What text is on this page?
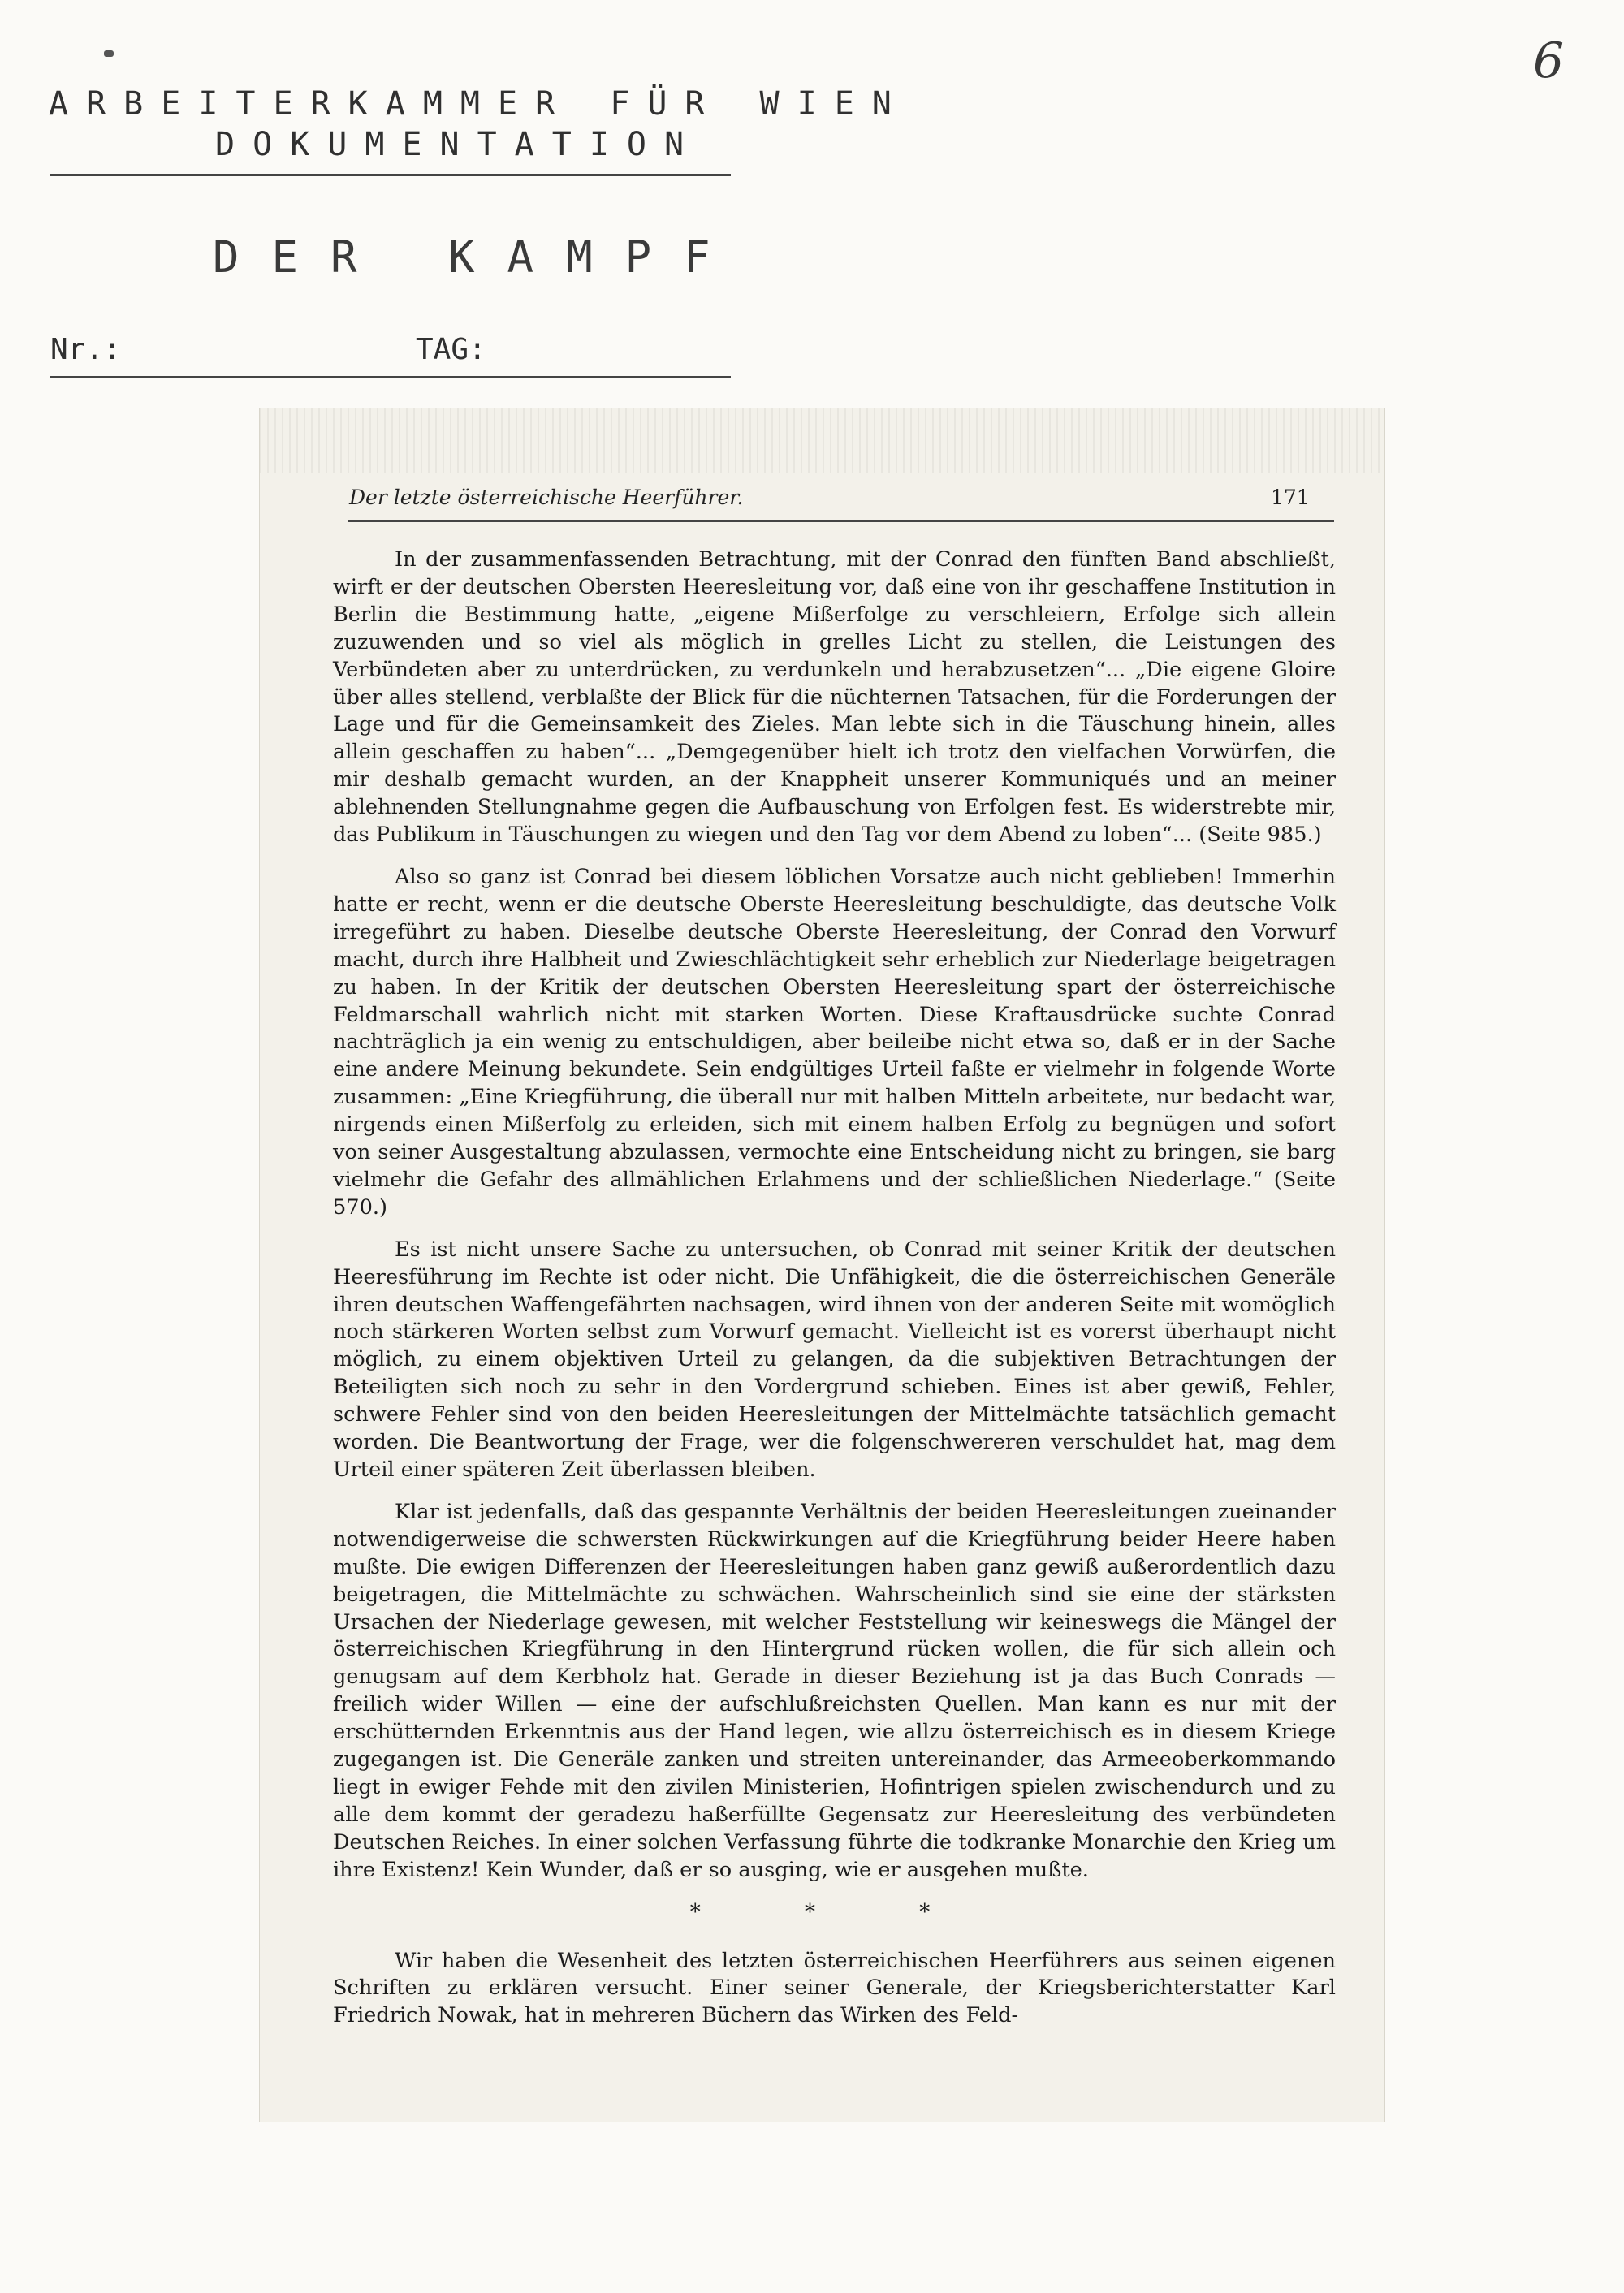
6
ARBEITERKAMMER FÜR WIEN
DOKUMENTATION
DER KAMPF
Nr.:	TAG:
Der letzte österreichische Heerführer.	171

In der zusammenfassenden Betrachtung, mit der Conrad den fünften Band abschließt, wirft er der deutschen Obersten Heeresleitung vor, daß eine von ihr geschaffene Institution in Berlin die Bestimmung hatte, „eigene Mißerfolge zu verschleiern, Erfolge sich allein zuzuwenden und so viel als möglich in grelles Licht zu stellen, die Leistungen des Verbündeten aber zu unterdrücken, zu verdunkeln und herabzusetzen“... „Die eigene Gloire über alles stellend, verblaßte der Blick für die nüchternen Tatsachen, für die Forderungen der Lage und für die Gemeinsamkeit des Zieles. Man lebte sich in die Täuschung hinein, alles allein geschaffen zu haben“... „Demgegenüber hielt ich trotz den vielfachen Vorwürfen, die mir deshalb gemacht wurden, an der Knappheit unserer Kommuniqués und an meiner ablehnenden Stellungnahme gegen die Aufbauschung von Erfolgen fest. Es widerstrebte mir, das Publikum in Täuschungen zu wiegen und den Tag vor dem Abend zu loben“... (Seite 985.)

Also so ganz ist Conrad bei diesem löblichen Vorsatze auch nicht geblieben! Immerhin hatte er recht, wenn er die deutsche Oberste Heeresleitung beschuldigte, das deutsche Volk irregeführt zu haben. Dieselbe deutsche Oberste Heeresleitung, der Conrad den Vorwurf macht, durch ihre Halbheit und Zwieschlächtigkeit sehr erheblich zur Niederlage beigetragen zu haben. In der Kritik der deutschen Obersten Heeresleitung spart der österreichische Feldmarschall wahrlich nicht mit starken Worten. Diese Kraftausdrücke suchte Conrad nachträglich ja ein wenig zu entschuldigen, aber beileibe nicht etwa so, daß er in der Sache eine andere Meinung bekundete. Sein endgültiges Urteil faßte er vielmehr in folgende Worte zusammen: „Eine Kriegführung, die überall nur mit halben Mitteln arbeitete, nur bedacht war, nirgends einen Mißerfolg zu erleiden, sich mit einem halben Erfolg zu begnügen und sofort von seiner Ausgestaltung abzulassen, vermochte eine Entscheidung nicht zu bringen, sie barg vielmehr die Gefahr des allmählichen Erlahmens und der schließlichen Niederlage.“ (Seite 570.)

Es ist nicht unsere Sache zu untersuchen, ob Conrad mit seiner Kritik der deutschen Heeresführung im Rechte ist oder nicht. Die Unfähigkeit, die die österreichischen Generäle ihren deutschen Waffengefährten nachsagen, wird ihnen von der anderen Seite mit womöglich noch stärkeren Worten selbst zum Vorwurf gemacht. Vielleicht ist es vorerst überhaupt nicht möglich, zu einem objektiven Urteil zu gelangen, da die subjektiven Betrachtungen der Beteiligten sich noch zu sehr in den Vordergrund schieben. Eines ist aber gewiß, Fehler, schwere Fehler sind von den beiden Heeresleitungen der Mittelmächte tatsächlich gemacht worden. Die Beantwortung der Frage, wer die folgenschwereren verschuldet hat, mag dem Urteil einer späteren Zeit überlassen bleiben.

Klar ist jedenfalls, daß das gespannte Verhältnis der beiden Heeresleitungen zueinander notwendigerweise die schwersten Rückwirkungen auf die Kriegführung beider Heere haben mußte. Die ewigen Differenzen der Heeresleitungen haben ganz gewiß außerordentlich dazu beigetragen, die Mittelmächte zu schwächen. Wahrscheinlich sind sie eine der stärksten Ursachen der Niederlage gewesen, mit welcher Feststellung wir keineswegs die Mängel der österreichischen Kriegführung in den Hintergrund rücken wollen, die für sich allein och genugsam auf dem Kerbholz hat. Gerade in dieser Beziehung ist ja das Buch Conrads — freilich wider Willen — eine der aufschlußreichsten Quellen. Man kann es nur mit der erschütternden Erkenntnis aus der Hand legen, wie allzu österreichisch es in diesem Kriege zugegangen ist. Die Generäle zanken und streiten untereinander, das Armeeoberkommando liegt in ewiger Fehde mit den zivilen Ministerien, Hofintrigen spielen zwischendurch und zu alle dem kommt der geradezu haßerfüllte Gegensatz zur Heeresleitung des verbündeten Deutschen Reiches. In einer solchen Verfassung führte die todkranke Monarchie den Krieg um ihre Existenz! Kein Wunder, daß er so ausging, wie er ausgehen mußte.

* * *

Wir haben die Wesenheit des letzten österreichischen Heerführers aus seinen eigenen Schriften zu erklären versucht. Einer seiner Generale, der Kriegsberichterstatter Karl Friedrich Nowak, hat in mehreren Büchern das Wirken des Feld-
